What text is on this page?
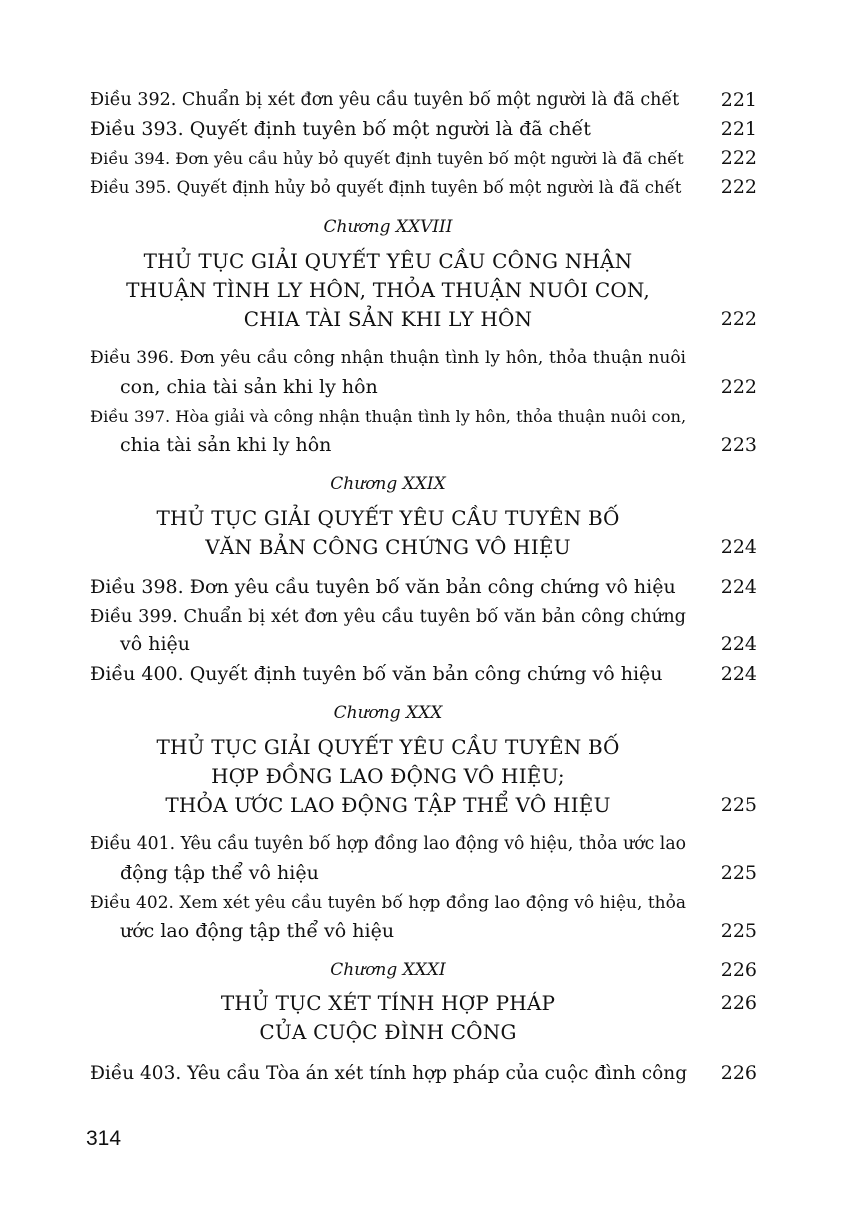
Điều 392. Chuẩn bị xét đơn yêu cầu tuyên bố một người là đã chết	221
Điều 393. Quyết định tuyên bố một người là đã chết	221
Điều 394. Đơn yêu cầu hủy bỏ quyết định tuyên bố một người là đã chết	222
Điều 395. Quyết định hủy bỏ quyết định tuyên bố một người là đã chết	222
Chương XXVIII
THỦ TỤC GIẢI QUYẾT YÊU CẦU CÔNG NHẬN
THUẬN TÌNH LY HÔN, THỎA THUẬN NUÔI CON,
CHIA TÀI SẢN KHI LY HÔN	222
Điều 396. Đơn yêu cầu công nhận thuận tình ly hôn, thỏa thuận nuôi
con, chia tài sản khi ly hôn	222
Điều 397. Hòa giải và công nhận thuận tình ly hôn, thỏa thuận nuôi con,
chia tài sản khi ly hôn	223
Chương XXIX
THỦ TỤC GIẢI QUYẾT YÊU CẦU TUYÊN BỐ
VĂN BẢN CÔNG CHỨNG VÔ HIỆU	224
Điều 398. Đơn yêu cầu tuyên bố văn bản công chứng vô hiệu	224
Điều 399. Chuẩn bị xét đơn yêu cầu tuyên bố văn bản công chứng
vô hiệu	224
Điều 400. Quyết định tuyên bố văn bản công chứng vô hiệu	224
Chương XXX
THỦ TỤC GIẢI QUYẾT YÊU CẦU TUYÊN BỐ
HỢP ĐỒNG LAO ĐỘNG VÔ HIỆU;
THỎA ƯỚC LAO ĐỘNG TẬP THỂ VÔ HIỆU	225
Điều 401. Yêu cầu tuyên bố hợp đồng lao động vô hiệu, thỏa ước lao
động tập thể vô hiệu	225
Điều 402. Xem xét yêu cầu tuyên bố hợp đồng lao động vô hiệu, thỏa
ước lao động tập thể vô hiệu	225
Chương XXXI	226
THỦ TỤC XÉT TÍNH HỢP PHÁP	226
CỦA CUỘC ĐÌNH CÔNG
Điều 403. Yêu cầu Tòa án xét tính hợp pháp của cuộc đình công	226
314
